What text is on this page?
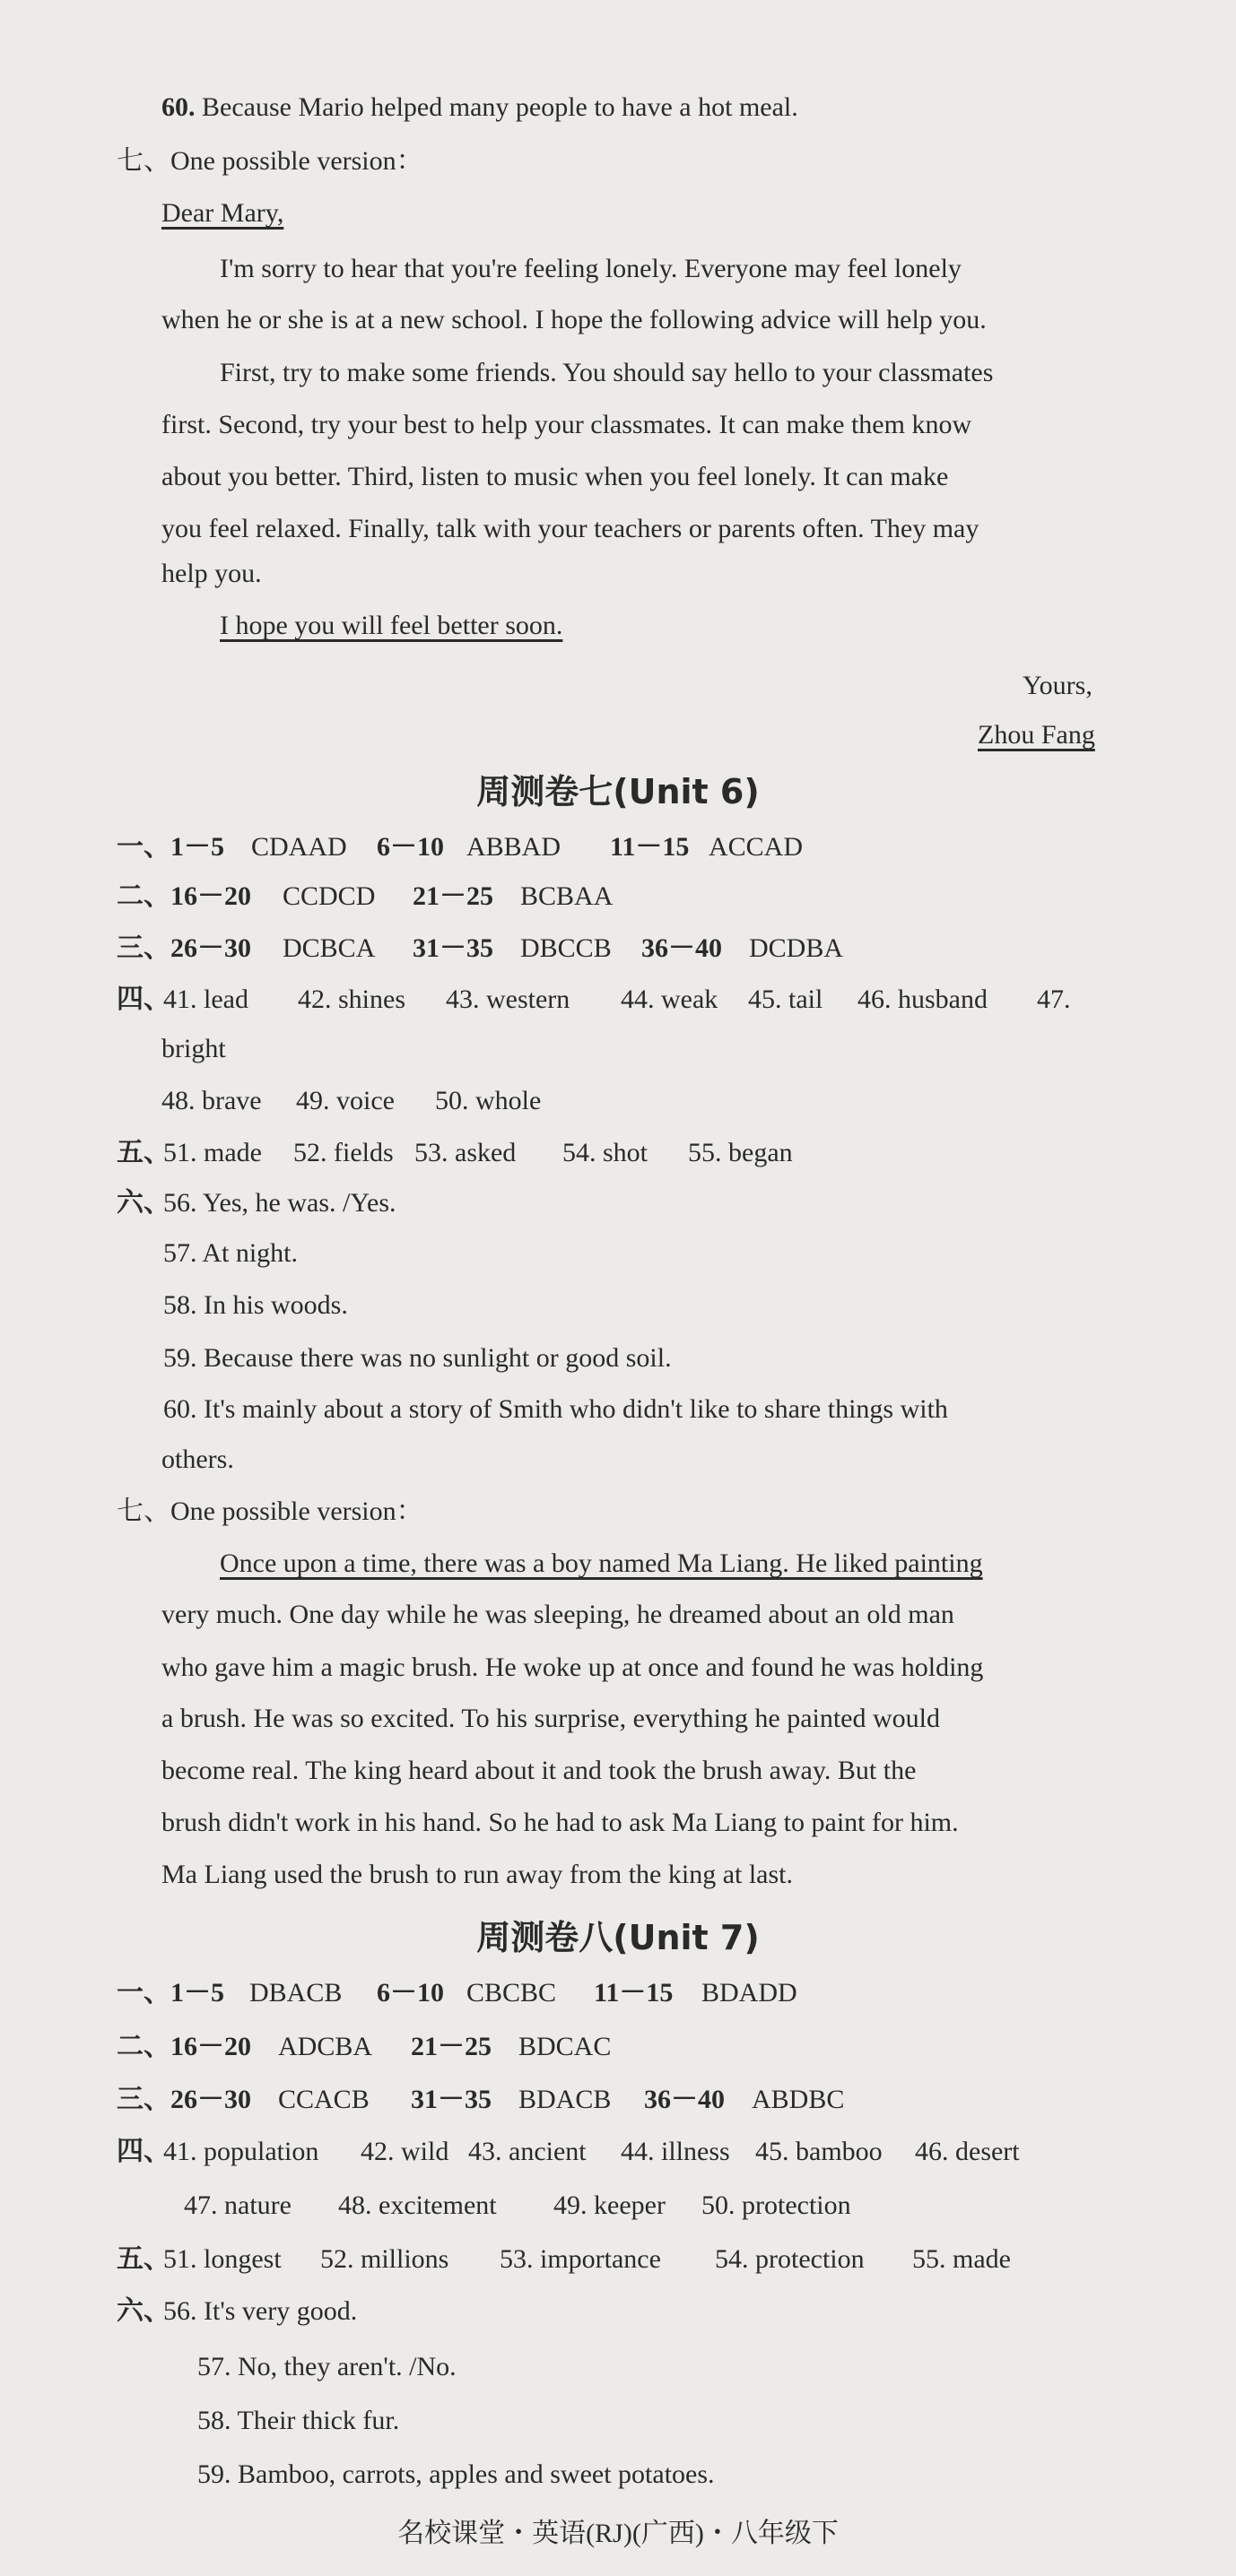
60. Because Mario helped many people to have a hot meal.
七、One possible version：
Dear Mary,
I'm sorry to hear that you're feeling lonely. Everyone may feel lonely
when he or she is at a new school. I hope the following advice will help you.
First, try to make some friends. You should say hello to your classmates
first. Second, try your best to help your classmates. It can make them know
about you better. Third, listen to music when you feel lonely. It can make
you feel relaxed. Finally, talk with your teachers or parents often. They may
help you.
I hope you will feel better soon.
Yours,
Zhou Fang
周测卷七(Unit 6)
一、1－5 CDAAD 6－10 ABBAD 11－15 ACCAD
二、16－20 CCDCD 21－25 BCBAA
三、26－30 DCBCA 31－35 DBCCB 36－40 DCDBA
四、41. lead 42. shines 43. western 44. weak 45. tail 46. husband 47.
bright
48. brave 49. voice 50. whole
五、51. made 52. fields 53. asked 54. shot 55. began
六、56. Yes, he was. /Yes.
57. At night.
58. In his woods.
59. Because there was no sunlight or good soil.
60. It's mainly about a story of Smith who didn't like to share things with
others.
七、One possible version：
Once upon a time, there was a boy named Ma Liang. He liked painting
very much. One day while he was sleeping, he dreamed about an old man
who gave him a magic brush. He woke up at once and found he was holding
a brush. He was so excited. To his surprise, everything he painted would
become real. The king heard about it and took the brush away. But the
brush didn't work in his hand. So he had to ask Ma Liang to paint for him.
Ma Liang used the brush to run away from the king at last.
周测卷八(Unit 7)
一、1－5 DBACB 6－10 CBCBC 11－15 BDADD
二、16－20 ADCBA 21－25 BDCAC
三、26－30 CCACB 31－35 BDACB 36－40 ABDBC
四、41. population 42. wild 43. ancient 44. illness 45. bamboo 46. desert
47. nature 48. excitement 49. keeper 50. protection
五、51. longest 52. millions 53. importance 54. protection 55. made
六、56. It's very good.
57. No, they aren't. /No.
58. Their thick fur.
59. Bamboo, carrots, apples and sweet potatoes.
名校课堂・英语(RJ)(广西)・八年级下
